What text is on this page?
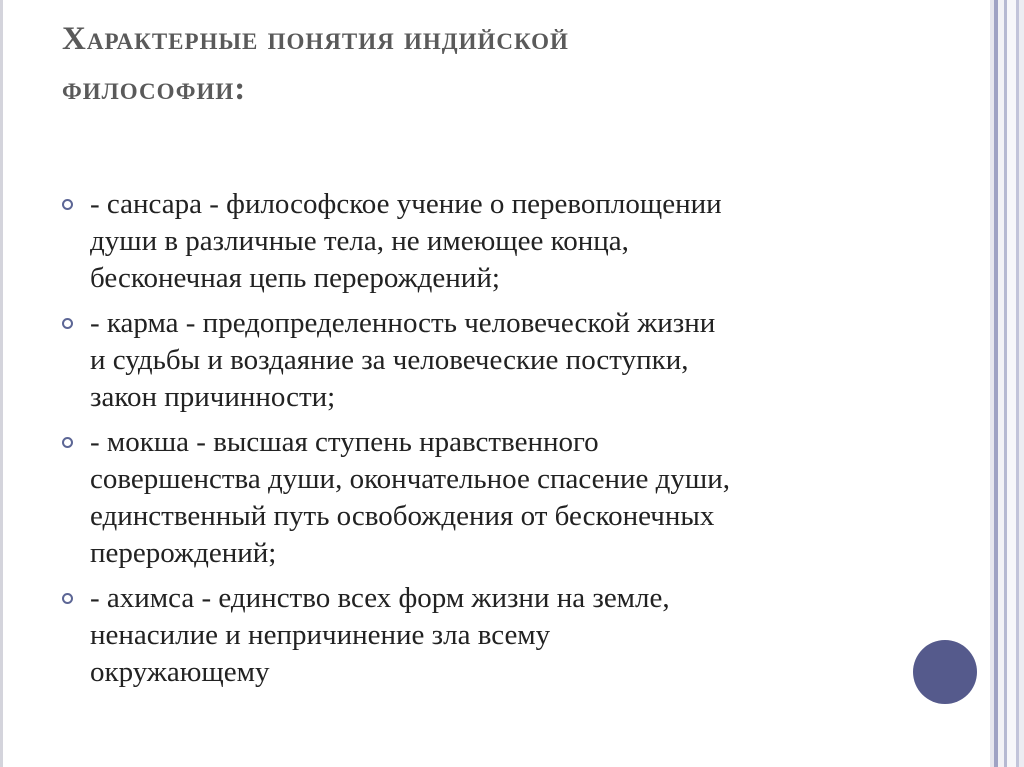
Характерные понятия индийской
философии:
- сансара - философское учение о перевоплощении
души в различные тела, не имеющее конца,
бесконечная цепь перерождений;
- карма - предопределенность человеческой жизни
и судьбы и воздаяние за человеческие поступки,
закон причинности;
- мокша - высшая ступень нравственного
совершенства души, окончательное спасение души,
единственный путь освобождения от бесконечных
перерождений;
- ахимса - единство всех форм жизни на земле,
ненасилие и непричинение зла всему
окружающему
